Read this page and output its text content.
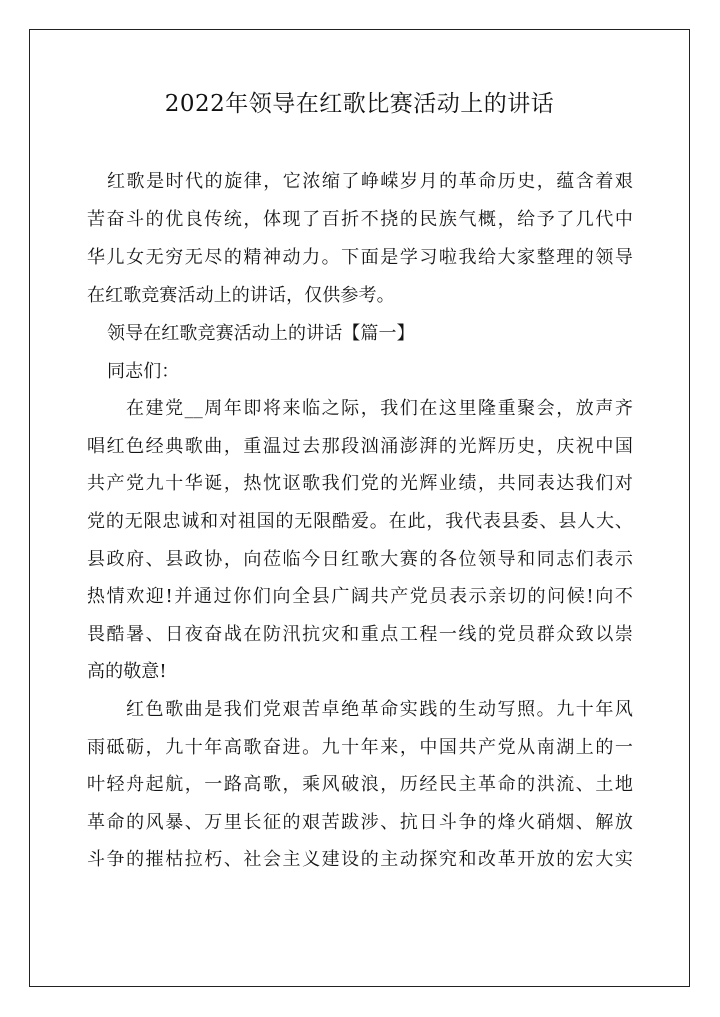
2022年领导在红歌比赛活动上的讲话
红歌是时代的旋律，它浓缩了峥嵘岁月的革命历史，蕴含着艰
苦奋斗的优良传统，体现了百折不挠的民族气概，给予了几代中
华儿女无穷无尽的精神动力。下面是学习啦我给大家整理的领导
在红歌竞赛活动上的讲话，仅供参考。
领导在红歌竞赛活动上的讲话【篇一】
同志们：
在建党__周年即将来临之际，我们在这里隆重聚会，放声齐
唱红色经典歌曲，重温过去那段汹涌澎湃的光辉历史，庆祝中国
共产党九十华诞，热忱讴歌我们党的光辉业绩，共同表达我们对
党的无限忠诚和对祖国的无限酷爱。在此，我代表县委、县人大、
县政府、县政协，向莅临今日红歌大赛的各位领导和同志们表示
热情欢迎!并通过你们向全县广阔共产党员表示亲切的问候!向不
畏酷暑、日夜奋战在防汛抗灾和重点工程一线的党员群众致以崇
高的敬意!
红色歌曲是我们党艰苦卓绝革命实践的生动写照。九十年风
雨砥砺，九十年高歌奋进。九十年来，中国共产党从南湖上的一
叶轻舟起航，一路高歌，乘风破浪，历经民主革命的洪流、土地
革命的风暴、万里长征的艰苦跋涉、抗日斗争的烽火硝烟、解放
斗争的摧枯拉朽、社会主义建设的主动探究和改革开放的宏大实
